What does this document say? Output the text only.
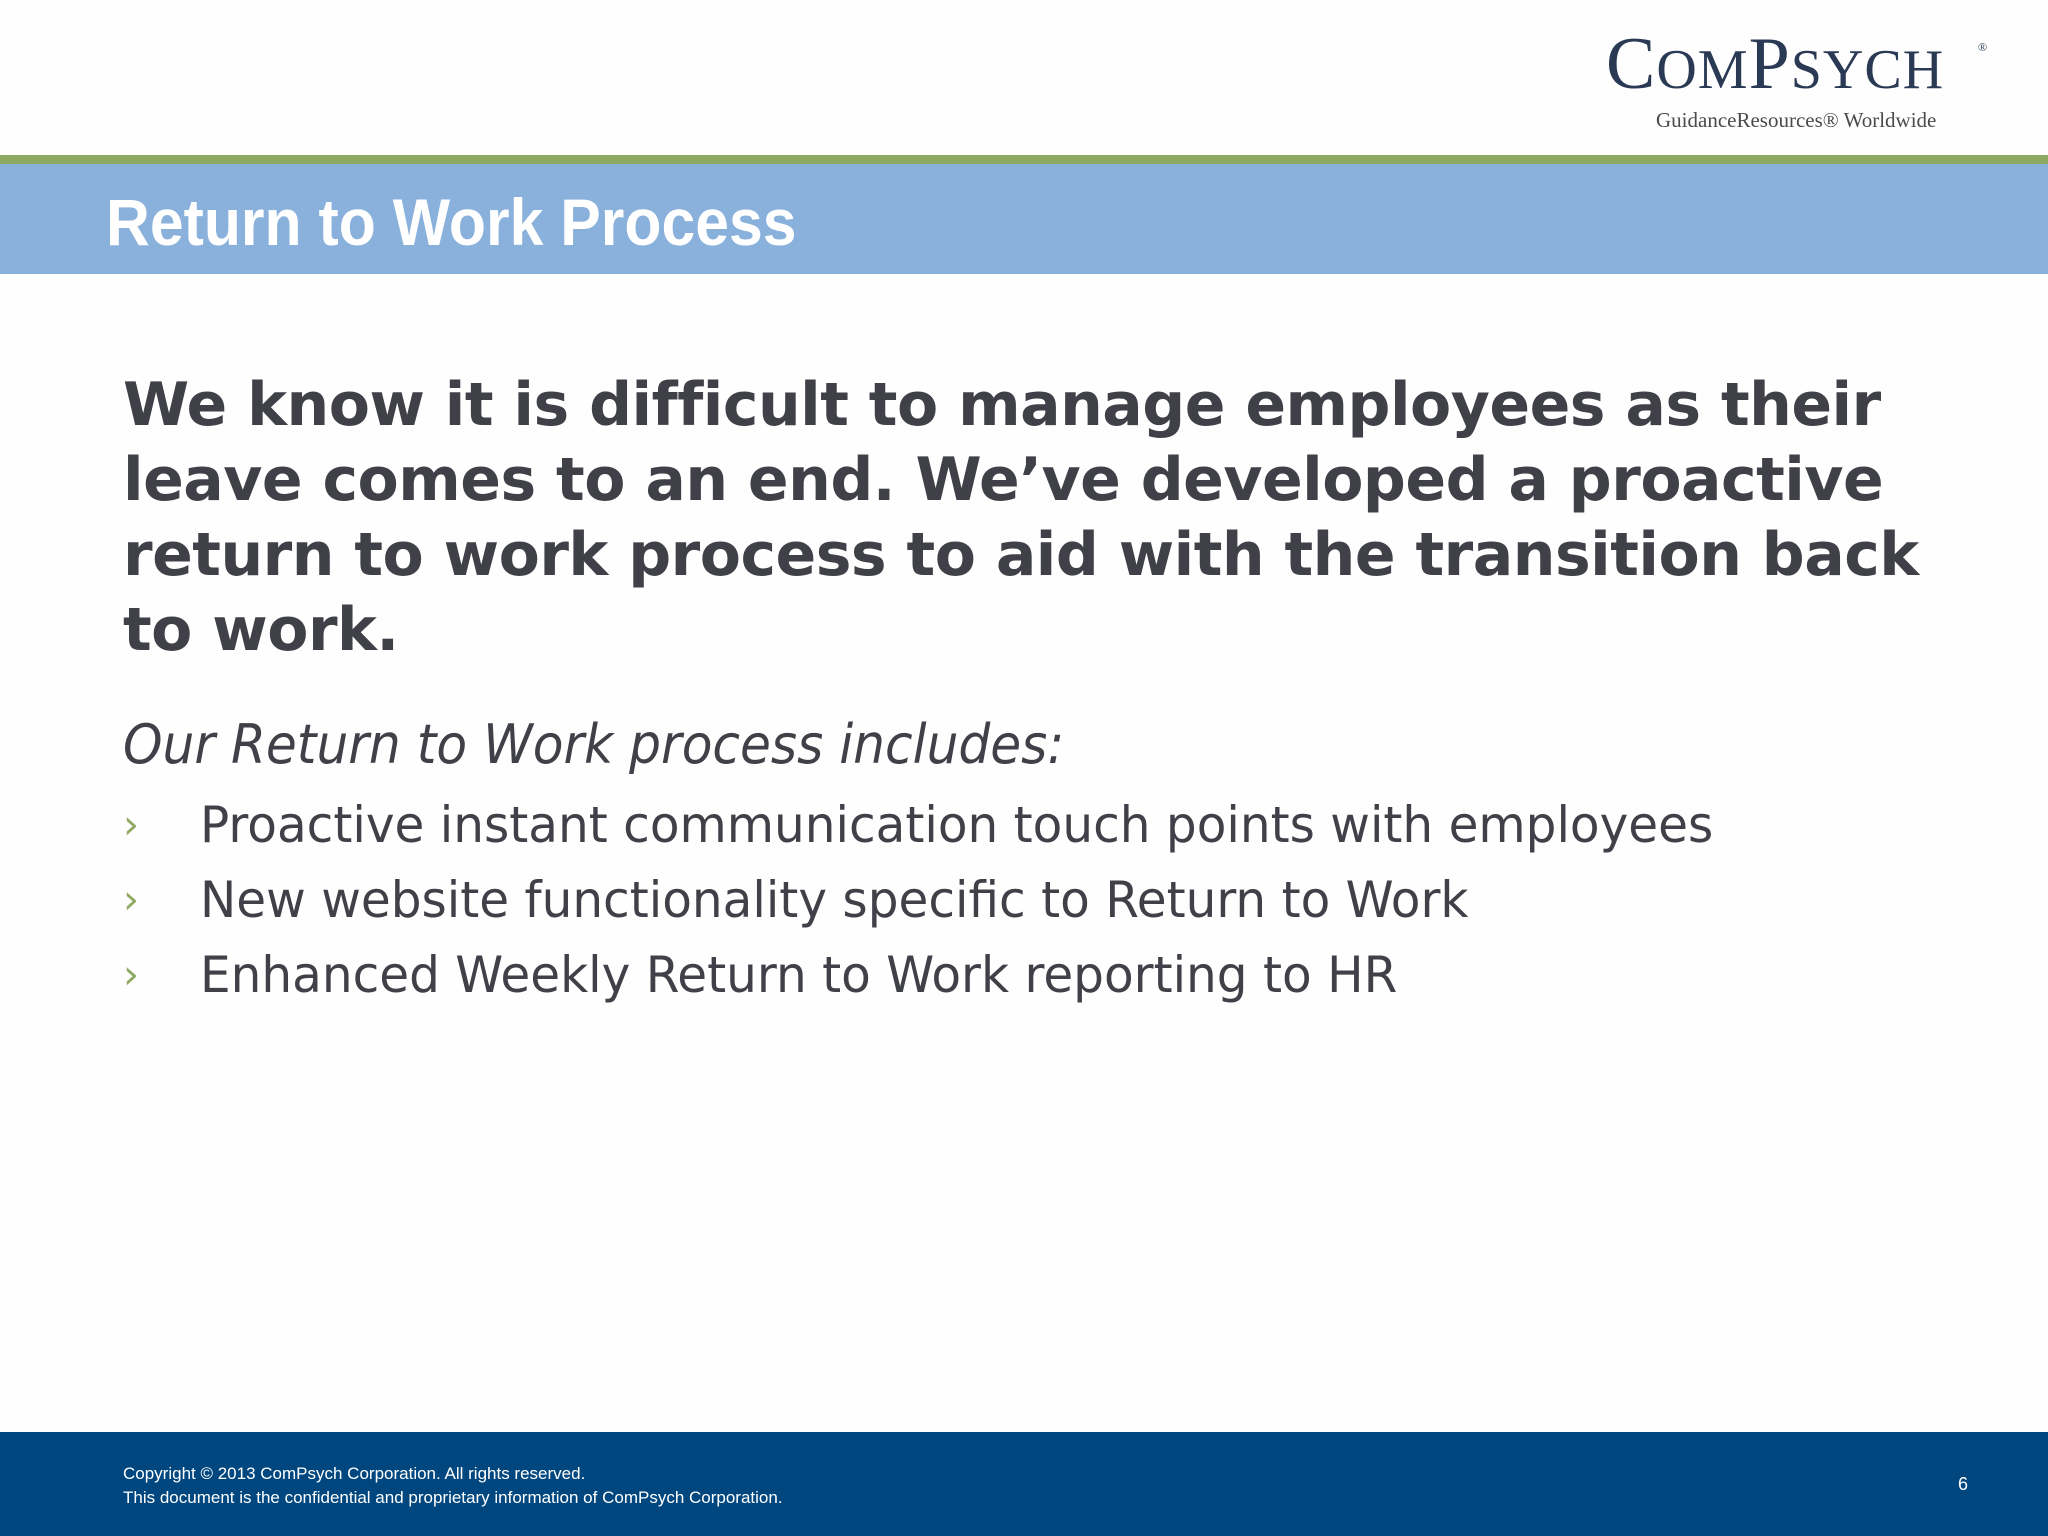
COMPSYCH	®
GuidanceResources® Worldwide
Return to Work Process
We know it is difficult to manage employees as their
leave comes to an end. We’ve developed a proactive
return to work process to aid with the transition back
to work.
Our Return to Work process includes:
› Proactive instant communication touch points with employees
› New website functionality specific to Return to Work
› Enhanced Weekly Return to Work reporting to HR
Copyright © 2013 ComPsych Corporation. All rights reserved.
This document is the confidential and proprietary information of ComPsych Corporation.
6
